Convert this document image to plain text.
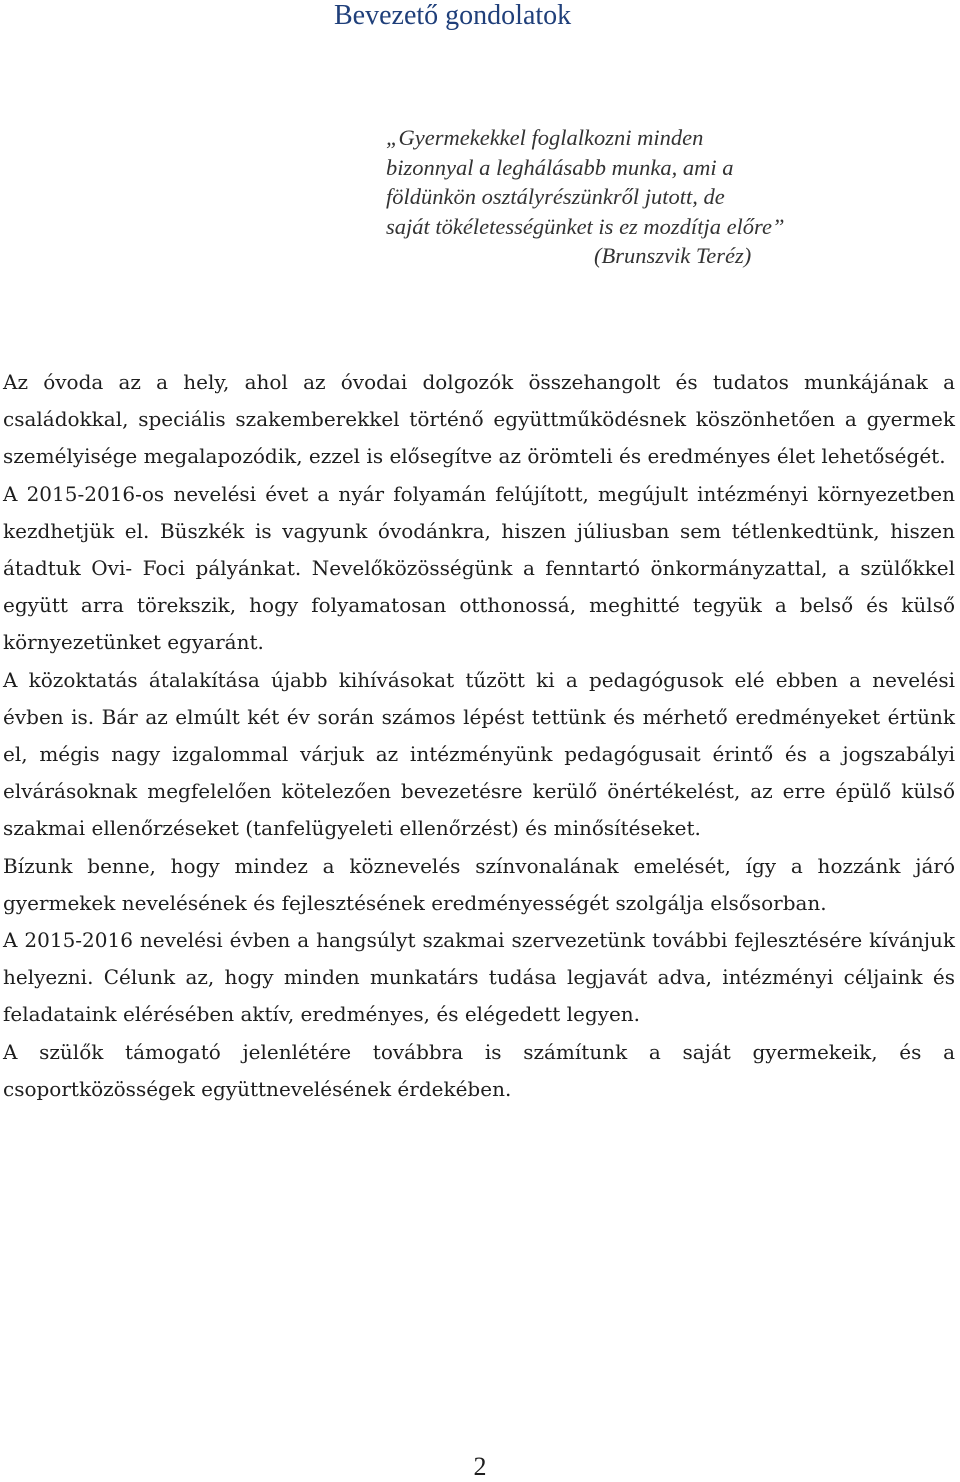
Bevezető gondolatok
„Gyermekekkel foglalkozni minden
bizonnyal a leghálásabb munka, ami a
földünkön osztályrészünkről jutott, de
saját tökéletességünket is ez mozdítja előre”
(Brunszvik Teréz)

Az óvoda az a hely, ahol az óvodai dolgozók összehangolt és tudatos munkájának a családokkal, speciális szakemberekkel történő együttműködésnek köszönhetően a gyermek személyisége megalapozódik, ezzel is elősegítve az örömteli és eredményes élet lehetőségét.

A 2015-2016-os nevelési évet a nyár folyamán felújított, megújult intézményi környezetben kezdhetjük el. Büszkék is vagyunk óvodánkra, hiszen júliusban sem tétlenkedtünk, hiszen átadtuk Ovi- Foci pályánkat. Nevelőközösségünk a fenntartó önkormányzattal, a szülőkkel együtt arra törekszik, hogy folyamatosan otthonossá, meghitté tegyük a belső és külső környezetünket egyaránt.

A közoktatás átalakítása újabb kihívásokat tűzött ki a pedagógusok elé ebben a nevelési évben is. Bár az elmúlt két év során számos lépést tettünk és mérhető eredményeket értünk el, mégis nagy izgalommal várjuk az intézményünk pedagógusait érintő és a jogszabályi elvárásoknak megfelelően kötelezően bevezetésre kerülő önértékelést, az erre épülő külső szakmai ellenőrzéseket (tanfelügyeleti ellenőrzést) és minősítéseket.

Bízunk benne, hogy mindez a köznevelés színvonalának emelését, így a hozzánk járó gyermekek nevelésének és fejlesztésének eredményességét szolgálja elsősorban.

A 2015-2016 nevelési évben a hangsúlyt szakmai szervezetünk további fejlesztésére kívánjuk helyezni. Célunk az, hogy minden munkatárs tudása legjavát adva, intézményi céljaink és feladataink elérésében aktív, eredményes, és elégedett legyen.

A szülők támogató jelenlétére továbbra is számítunk a saját gyermekeik, és a csoportközösségek együttnevelésének érdekében.

2
